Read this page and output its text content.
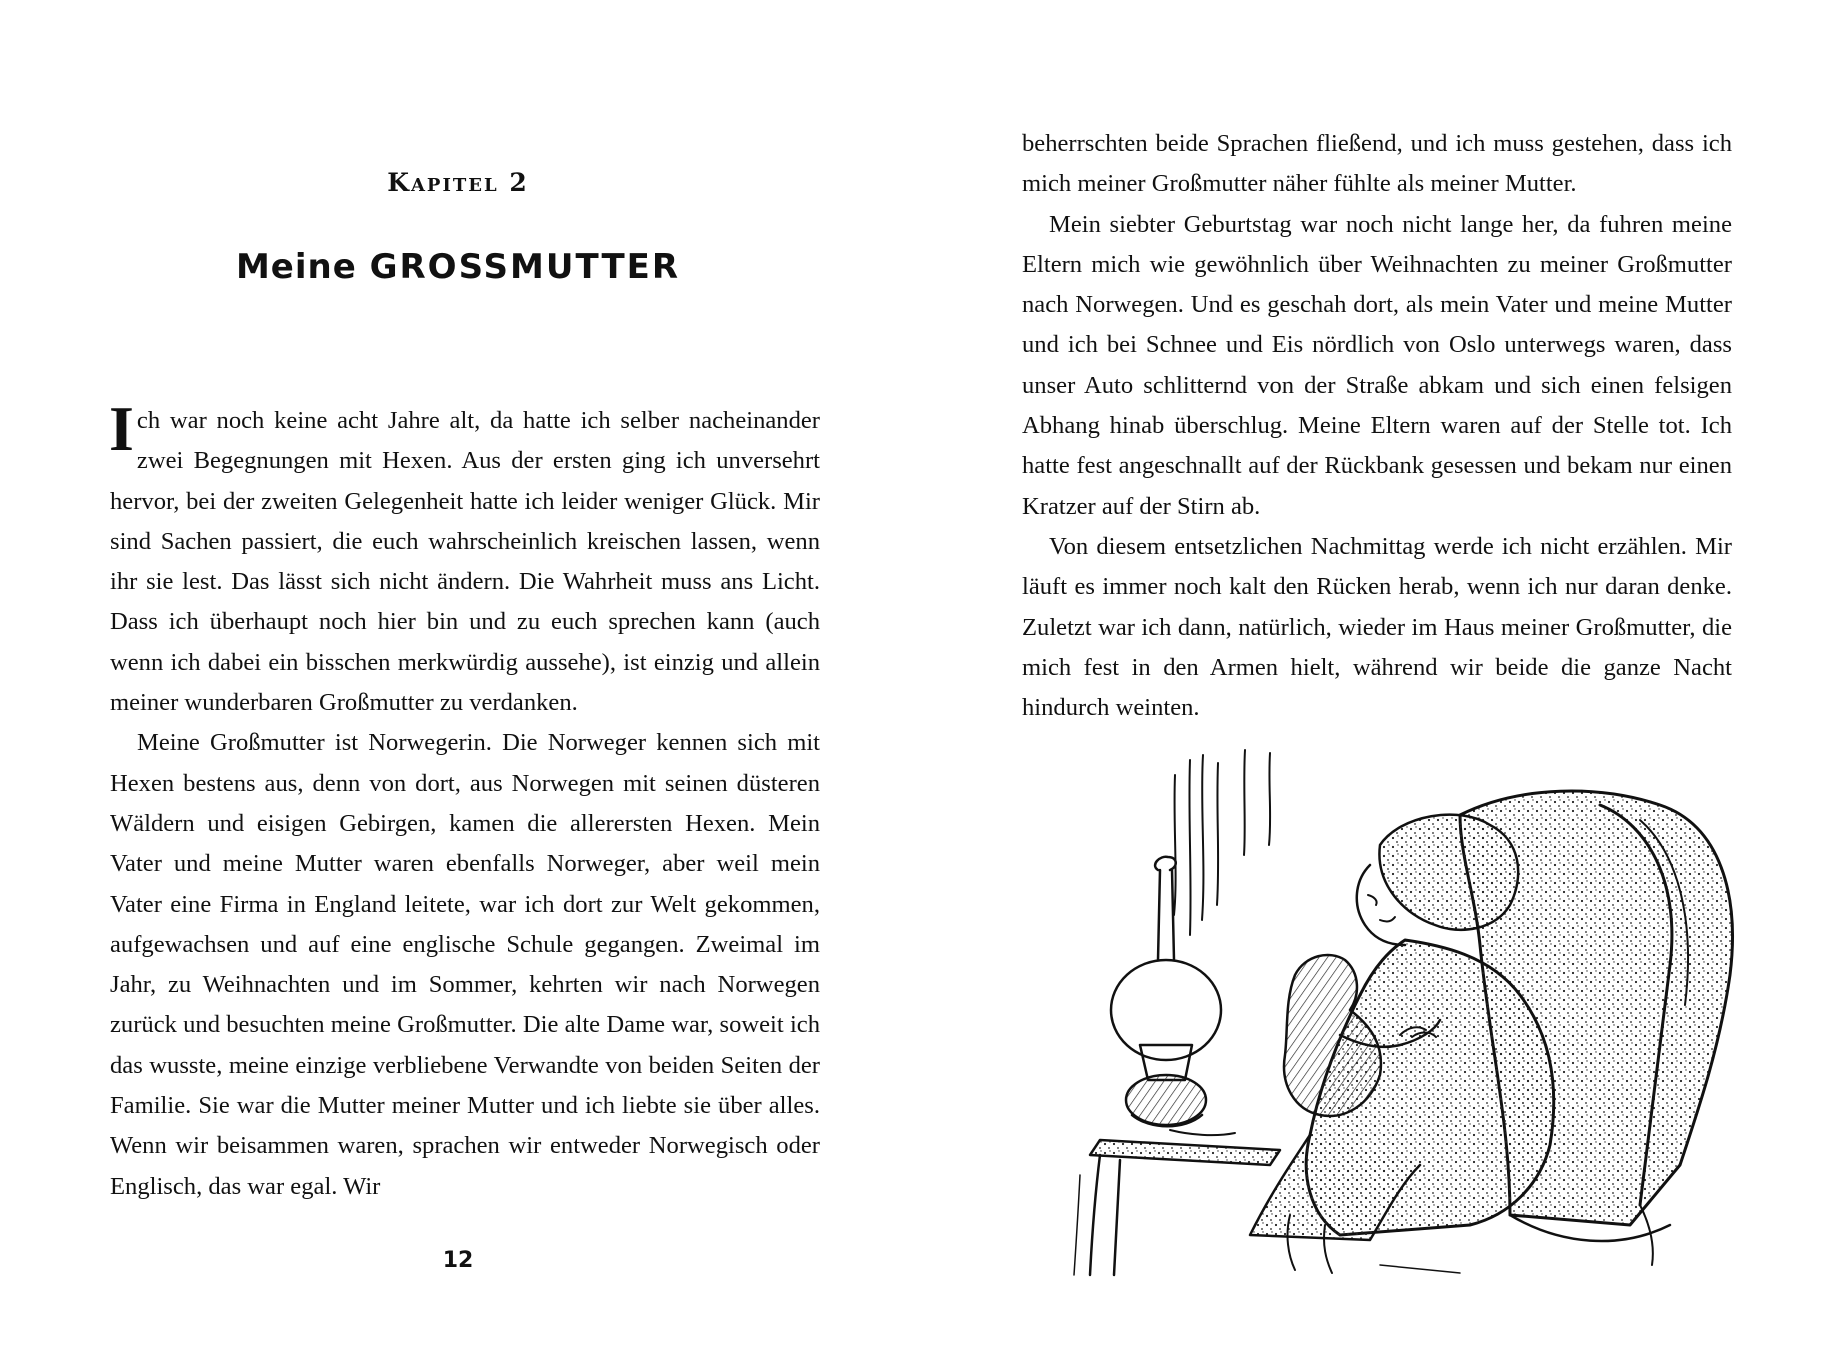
Kapitel 2
Meine GROSSMUTTER

Ich war noch keine acht Jahre alt, da hatte ich selber nacheinander zwei Begegnungen mit Hexen. Aus der ersten ging ich unversehrt hervor, bei der zweiten Gelegenheit hatte ich leider weniger Glück. Mir sind Sachen passiert, die euch wahrscheinlich kreischen lassen, wenn ihr sie lest. Das lässt sich nicht ändern. Die Wahrheit muss ans Licht. Dass ich überhaupt noch hier bin und zu euch sprechen kann (auch wenn ich dabei ein bisschen merkwürdig aussehe), ist einzig und allein meiner wunderbaren Großmutter zu verdanken.

Meine Großmutter ist Norwegerin. Die Norweger kennen sich mit Hexen bestens aus, denn von dort, aus Norwegen mit seinen düsteren Wäldern und eisigen Gebirgen, kamen die allerersten Hexen. Mein Vater und meine Mutter waren ebenfalls Norweger, aber weil mein Vater eine Firma in England leitete, war ich dort zur Welt gekommen, aufgewachsen und auf eine englische Schule gegangen. Zweimal im Jahr, zu Weihnachten und im Sommer, kehrten wir nach Norwegen zurück und besuchten meine Großmutter. Die alte Dame war, soweit ich das wusste, meine einzige verbliebene Verwandte von beiden Seiten der Familie. Sie war die Mutter meiner Mutter und ich liebte sie über alles. Wenn wir beisammen waren, sprachen wir entweder Norwegisch oder Englisch, das war egal. Wir

12

beherrschten beide Sprachen fließend, und ich muss gestehen, dass ich mich meiner Großmutter näher fühlte als meiner Mutter.

Mein siebter Geburtstag war noch nicht lange her, da fuhren meine Eltern mich wie gewöhnlich über Weihnachten zu meiner Großmutter nach Norwegen. Und es geschah dort, als mein Vater und meine Mutter und ich bei Schnee und Eis nördlich von Oslo unterwegs waren, dass unser Auto schlitternd von der Straße abkam und sich einen felsigen Abhang hinab überschlug. Meine Eltern waren auf der Stelle tot. Ich hatte fest angeschnallt auf der Rückbank gesessen und bekam nur einen Kratzer auf der Stirn ab.

Von diesem entsetzlichen Nachmittag werde ich nicht erzählen. Mir läuft es immer noch kalt den Rücken herab, wenn ich nur daran denke. Zuletzt war ich dann, natürlich, wieder im Haus meiner Großmutter, die mich fest in den Armen hielt, während wir beide die ganze Nacht hindurch weinten.
